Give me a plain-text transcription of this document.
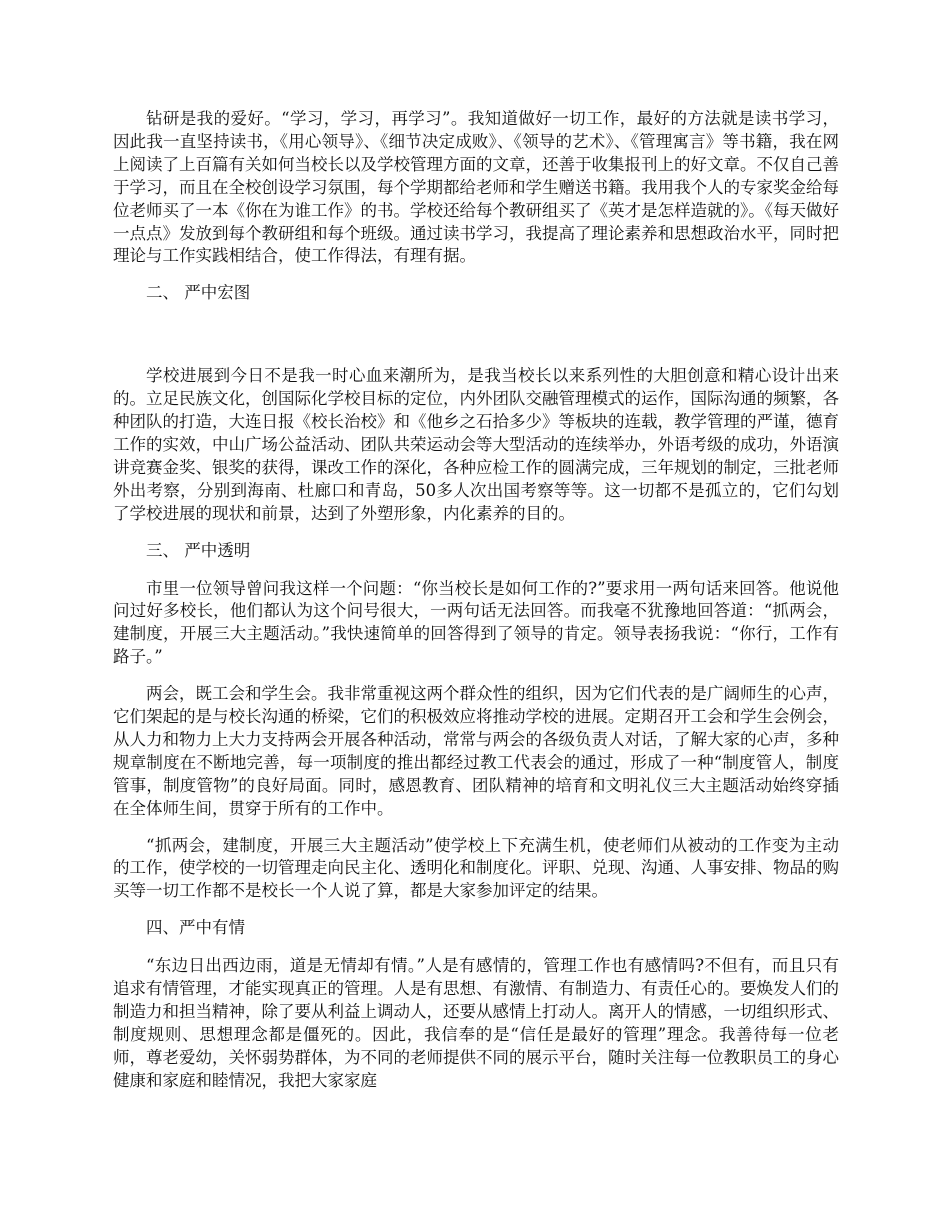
钻研是我的爱好。“学习，学习，再学习”。我知道做好一切工作，最好的方法就是读书学习，因此我一直坚持读书，《用心领导》、《细节决定成败》、《领导的艺术》、《管理寓言》等书籍，我在网上阅读了上百篇有关如何当校长以及学校管理方面的文章，还善于收集报刊上的好文章。不仅自己善于学习，而且在全校创设学习氛围，每个学期都给老师和学生赠送书籍。我用我个人的专家奖金给每位老师买了一本《你在为谁工作》的书。学校还给每个教研组买了《英才是怎样造就的》。《每天做好一点点》发放到每个教研组和每个班级。通过读书学习，我提高了理论素养和思想政治水平，同时把理论与工作实践相结合，使工作得法，有理有据。

二、 严中宏图

学校进展到今日不是我一时心血来潮所为，是我当校长以来系列性的大胆创意和精心设计出来的。立足民族文化，创国际化学校目标的定位，内外团队交融管理模式的运作，国际沟通的频繁，各种团队的打造，大连日报《校长治校》和《他乡之石拾多少》等板块的连载，教学管理的严谨，德育工作的实效，中山广场公益活动、团队共荣运动会等大型活动的连续举办，外语考级的成功，外语演讲竞赛金奖、银奖的获得，课改工作的深化，各种应检工作的圆满完成，三年规划的制定，三批老师外出考察，分别到海南、杜廊口和青岛，50多人次出国考察等等。这一切都不是孤立的，它们勾划了学校进展的现状和前景，达到了外塑形象，内化素养的目的。

三、 严中透明

市里一位领导曾问我这样一个问题：“你当校长是如何工作的?”要求用一两句话来回答。他说他问过好多校长，他们都认为这个问号很大，一两句话无法回答。而我毫不犹豫地回答道：“抓两会，建制度，开展三大主题活动。”我快速简单的回答得到了领导的肯定。领导表扬我说：“你行，工作有路子。”

两会，既工会和学生会。我非常重视这两个群众性的组织，因为它们代表的是广阔师生的心声，它们架起的是与校长沟通的桥梁，它们的积极效应将推动学校的进展。定期召开工会和学生会例会，从人力和物力上大力支持两会开展各种活动，常常与两会的各级负责人对话，了解大家的心声，多种规章制度在不断地完善，每一项制度的推出都经过教工代表会的通过，形成了一种“制度管人，制度管事，制度管物”的良好局面。同时，感恩教育、团队精神的培育和文明礼仪三大主题活动始终穿插在全体师生间，贯穿于所有的工作中。

“抓两会，建制度，开展三大主题活动”使学校上下充满生机，使老师们从被动的工作变为主动的工作，使学校的一切管理走向民主化、透明化和制度化。评职、兑现、沟通、人事安排、物品的购买等一切工作都不是校长一个人说了算，都是大家参加评定的结果。

四、严中有情

“东边日出西边雨，道是无情却有情。”人是有感情的，管理工作也有感情吗?不但有，而且只有追求有情管理，才能实现真正的管理。人是有思想、有激情、有制造力、有责任心的。要焕发人们的制造力和担当精神，除了要从利益上调动人，还要从感情上打动人。离开人的情感，一切组织形式、制度规则、思想理念都是僵死的。因此，我信奉的是“信任是最好的管理”理念。我善待每一位老师，尊老爱幼，关怀弱势群体，为不同的老师提供不同的展示平台，随时关注每一位教职员工的身心健康和家庭和睦情况，我把大家家庭
